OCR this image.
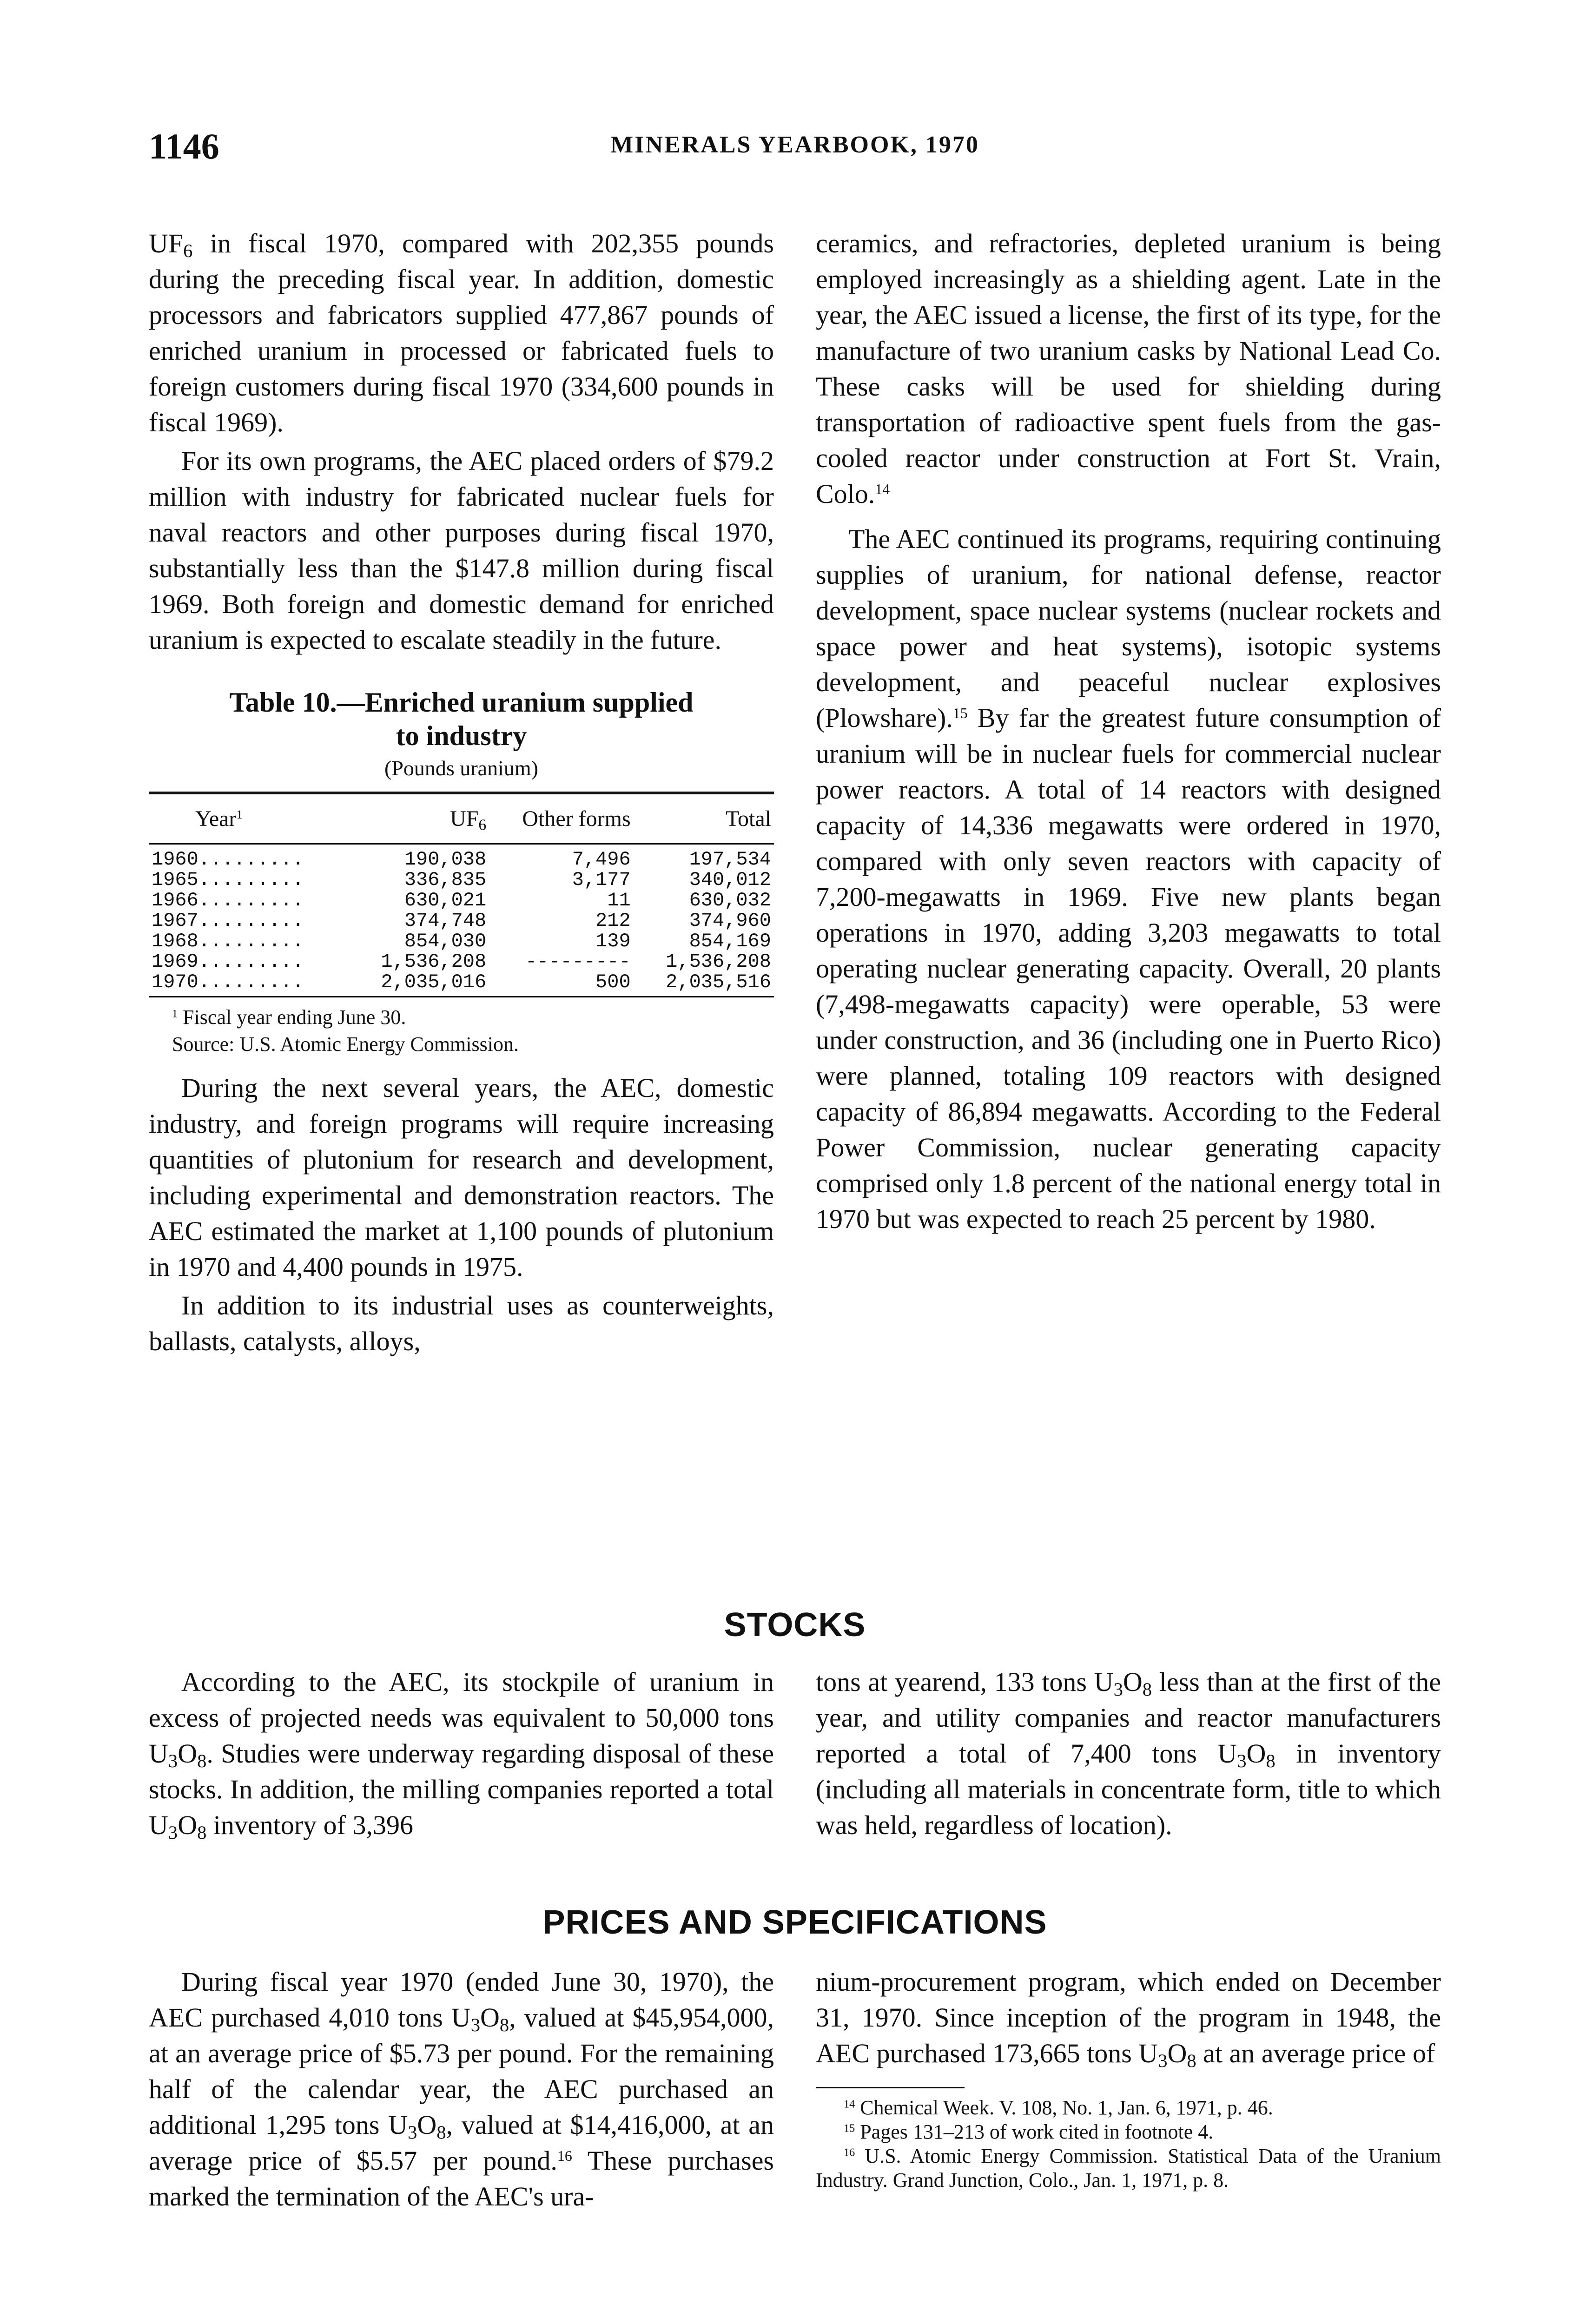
1146	MINERALS YEARBOOK, 1970

$UF_6$ in fiscal 1970, compared with 202,355 pounds during the preceding fiscal year. In addition, domestic processors and fabricators supplied 477,867 pounds of enriched uranium in processed or fabricated fuels to foreign customers during fiscal 1970 (334,600 pounds in fiscal 1969).

For its own programs, the AEC placed orders of $79.2 million with industry for fabricated nuclear fuels for naval reactors and other purposes during fiscal 1970, substantially less than the $147.8 million during fiscal 1969. Both foreign and domestic demand for enriched uranium is expected to escalate steadily in the future.

Table 10.—Enriched uranium supplied
to industry
(Pounds uranium)
Year$^1$	$UF_6$	Other forms	Total
1960.........	190,038	7,496	197,534
1965.........	336,835	3,177	340,012
1966.........	630,021	11	630,032
1967.........	374,748	212	374,960
1968.........	854,030	139	854,169
1969.........	1,536,208	---------	1,536,208
1970.........	2,035,016	500	2,035,516
$^1$ Fiscal year ending June 30.
Source: U.S. Atomic Energy Commission.

During the next several years, the AEC, domestic industry, and foreign programs will require increasing quantities of plutonium for research and development, including experimental and demonstration reactors. The AEC estimated the market at 1,100 pounds of plutonium in 1970 and 4,400 pounds in 1975.

In addition to its industrial uses as counterweights, ballasts, catalysts, alloys,

ceramics, and refractories, depleted uranium is being employed increasingly as a shielding agent. Late in the year, the AEC issued a license, the first of its type, for the manufacture of two uranium casks by National Lead Co. These casks will be used for shielding during transportation of radioactive spent fuels from the gas-cooled reactor under construction at Fort St. Vrain, Colo.$^{14}$

The AEC continued its programs, requiring continuing supplies of uranium, for national defense, reactor development, space nuclear systems (nuclear rockets and space power and heat systems), isotopic systems development, and peaceful nuclear explosives (Plowshare).$^{15}$ By far the greatest future consumption of uranium will be in nuclear fuels for commercial nuclear power reactors. A total of 14 reactors with designed capacity of 14,336 megawatts were ordered in 1970, compared with only seven reactors with capacity of 7,200-megawatts in 1969. Five new plants began operations in 1970, adding 3,203 megawatts to total operating nuclear generating capacity. Overall, 20 plants (7,498-megawatts capacity) were operable, 53 were under construction, and 36 (including one in Puerto Rico) were planned, totaling 109 reactors with designed capacity of 86,894 megawatts. According to the Federal Power Commission, nuclear generating capacity comprised only 1.8 percent of the national energy total in 1970 but was expected to reach 25 percent by 1980.

STOCKS

According to the AEC, its stockpile of uranium in excess of projected needs was equivalent to 50,000 tons $U_3O_8$. Studies were underway regarding disposal of these stocks. In addition, the milling companies reported a total $U_3O_8$ inventory of 3,396

tons at yearend, 133 tons $U_3O_8$ less than at the first of the year, and utility companies and reactor manufacturers reported a total of 7,400 tons $U_3O_8$ in inventory (including all materials in concentrate form, title to which was held, regardless of location).

PRICES AND SPECIFICATIONS

During fiscal year 1970 (ended June 30, 1970), the AEC purchased 4,010 tons $U_3O_8$, valued at $45,954,000, at an average price of $5.73 per pound. For the remaining half of the calendar year, the AEC purchased an additional 1,295 tons $U_3O_8$, valued at $14,416,000, at an average price of $5.57 per pound.$^{16}$ These purchases marked the termination of the AEC's ura-

nium-procurement program, which ended on December 31, 1970. Since inception of the program in 1948, the AEC purchased 173,665 tons $U_3O_8$ at an average price of

$^{14}$ Chemical Week. V. 108, No. 1, Jan. 6, 1971, p. 46.
$^{15}$ Pages 131–213 of work cited in footnote 4.
$^{16}$ U.S. Atomic Energy Commission. Statistical Data of the Uranium Industry. Grand Junction, Colo., Jan. 1, 1971, p. 8.
